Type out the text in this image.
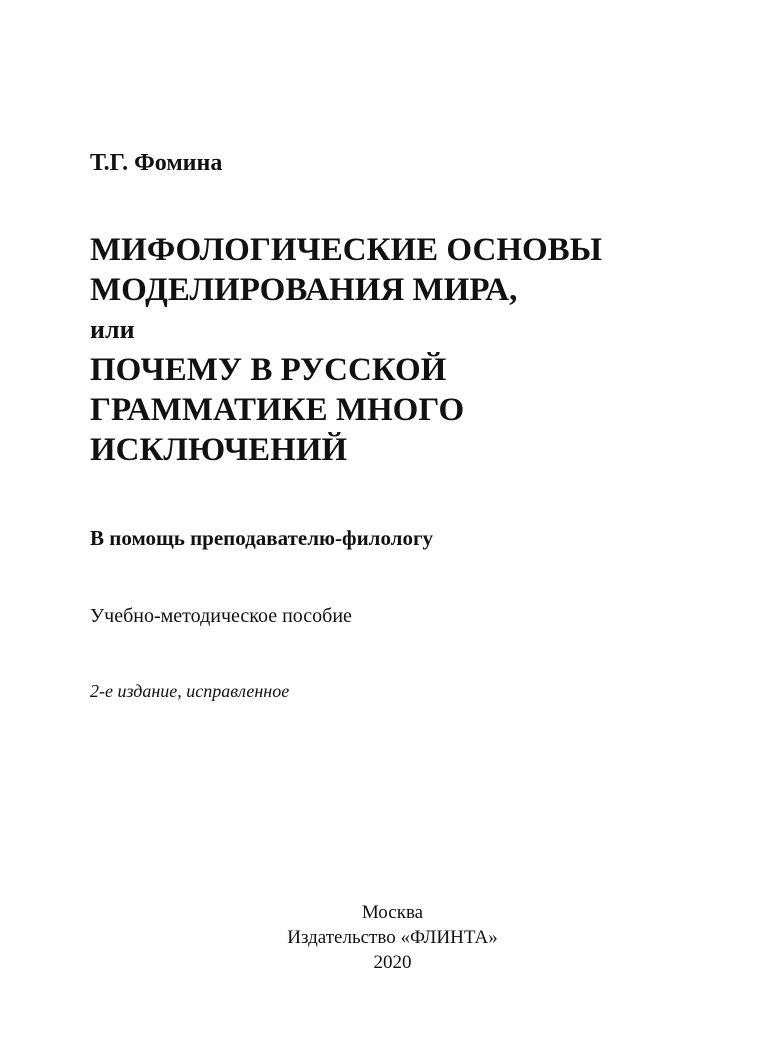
Т.Г. Фомина

МИФОЛОГИЧЕСКИЕ ОСНОВЫ
МОДЕЛИРОВАНИЯ МИРА,
или
ПОЧЕМУ В РУССКОЙ
ГРАММАТИКЕ МНОГО
ИСКЛЮЧЕНИЙ

В помощь преподавателю-филологу

Учебно-методическое пособие

2-е издание, исправленное

Москва
Издательство «ФЛИНТА»
2020
